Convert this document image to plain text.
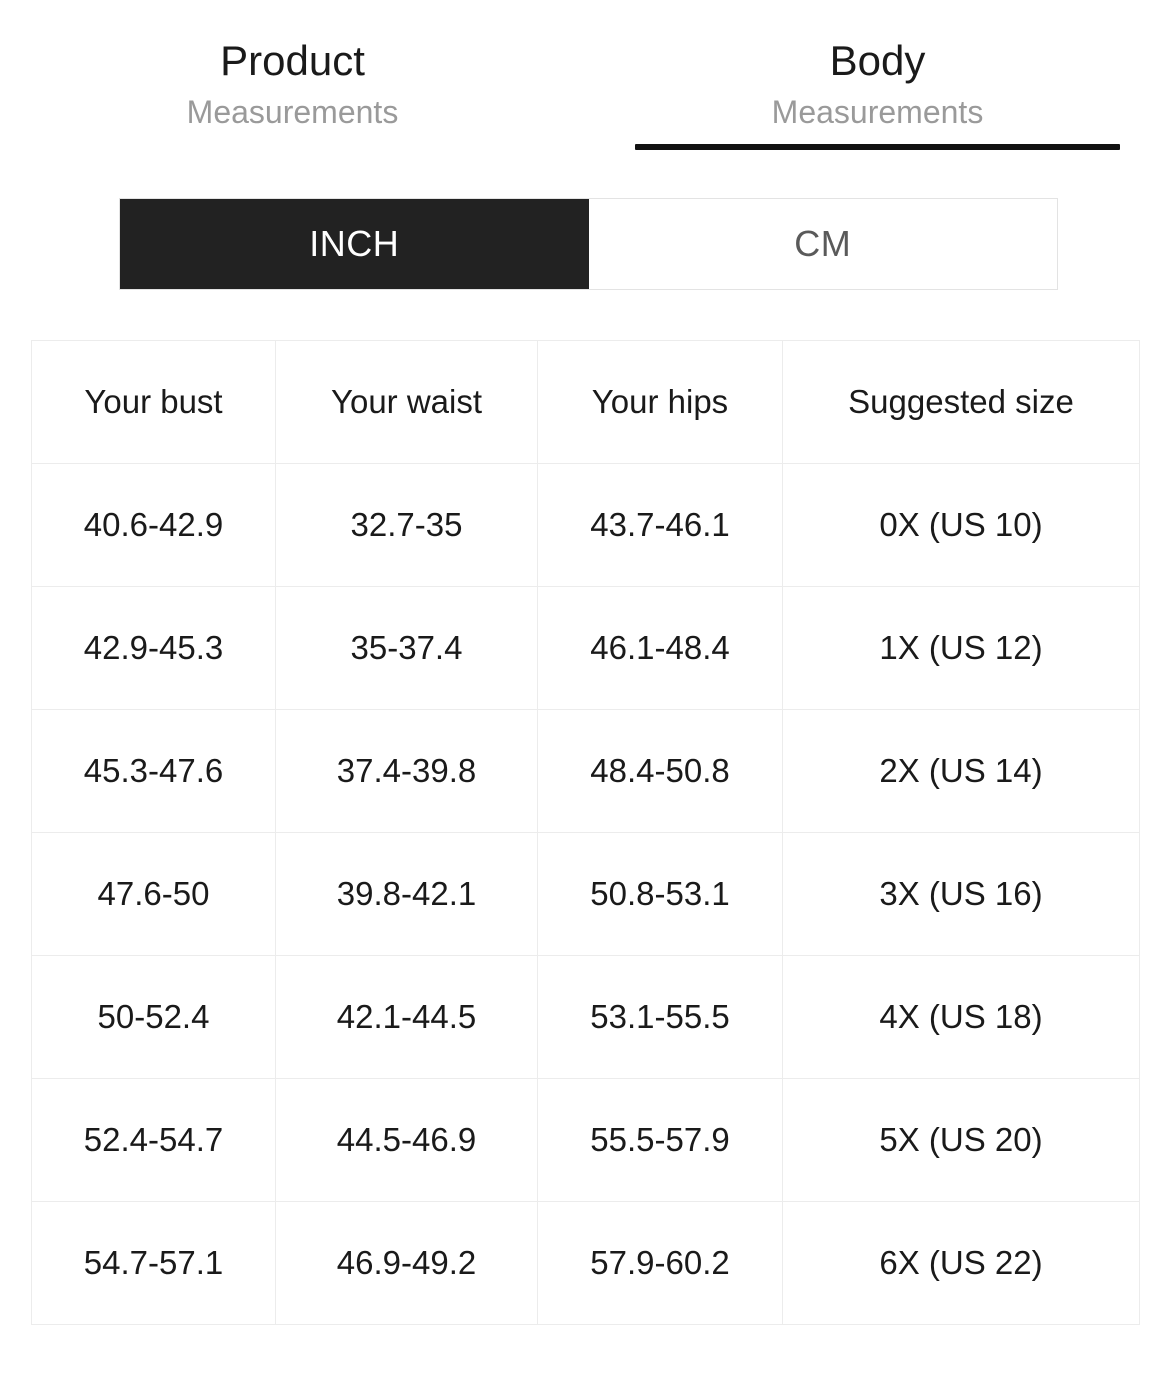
Product
Measurements
Body
Measurements
INCH	CM
Your bust	Your waist	Your hips	Suggested size
40.6-42.9	32.7-35	43.7-46.1	0X (US 10)
42.9-45.3	35-37.4	46.1-48.4	1X (US 12)
45.3-47.6	37.4-39.8	48.4-50.8	2X (US 14)
47.6-50	39.8-42.1	50.8-53.1	3X (US 16)
50-52.4	42.1-44.5	53.1-55.5	4X (US 18)
52.4-54.7	44.5-46.9	55.5-57.9	5X (US 20)
54.7-57.1	46.9-49.2	57.9-60.2	6X (US 22)
